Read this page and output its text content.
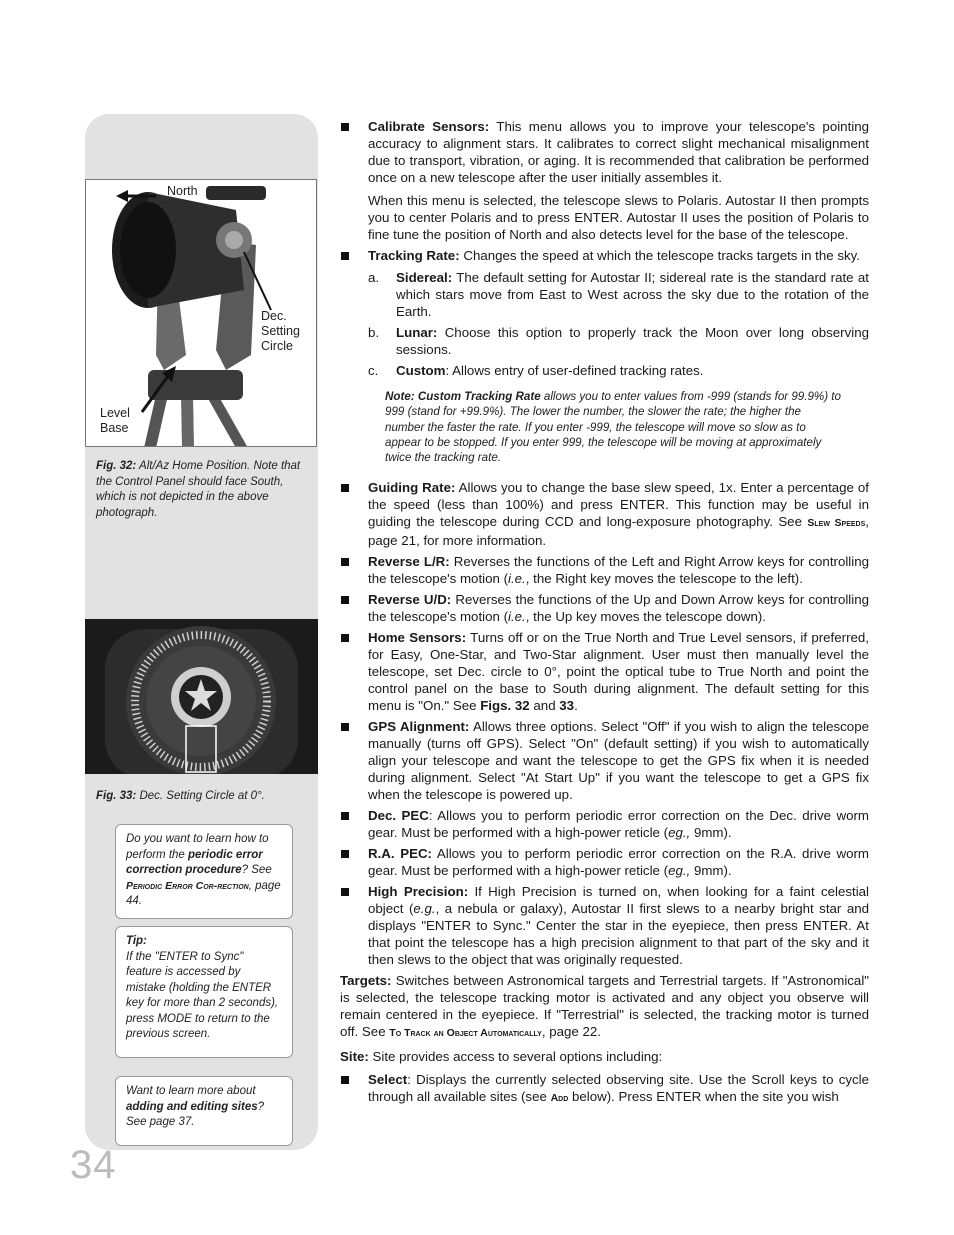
North
Dec.
Setting
Circle
Level
Base
Fig. 32: Alt/Az Home Position. Note that the Control Panel should face South, which is not depicted in the above photograph.
Fig. 33: Dec. Setting Circle at 0°.
Do you want to learn how to perform the periodic error correction procedure? See Periodic Error Cor-rection, page 44.
Tip:
If the "ENTER to Sync" feature is accessed by mistake (holding the ENTER key for more than 2 seconds), press MODE to return to the previous screen.
Want to learn more about adding and editing sites? See page 37.
34

Calibrate Sensors: This menu allows you to improve your telescope's pointing accuracy to alignment stars. It calibrates to correct slight mechanical misalignment due to transport, vibration, or aging. It is recommended that calibration be performed once on a new telescope after the user initially assembles it.

When this menu is selected, the telescope slews to Polaris. Autostar II then prompts you to center Polaris and to press ENTER. Autostar II uses the position of Polaris to fine tune the position of North and also detects level for the base of the telescope.

Tracking Rate: Changes the speed at which the telescope tracks targets in the sky.

a. Sidereal: The default setting for Autostar II; sidereal rate is the standard rate at which stars move from East to West across the sky due to the rotation of the Earth.
b. Lunar: Choose this option to properly track the Moon over long observing sessions.
c. Custom: Allows entry of user-defined tracking rates.
Note: Custom Tracking Rate allows you to enter values from -999 (stands for 99.9%) to 999 (stand for +99.9%). The lower the number, the slower the rate; the higher the number the faster the rate. If you enter -999, the telescope will move so slow as to appear to be stopped. If you enter 999, the telescope will be moving at approximately twice the tracking rate.

Guiding Rate: Allows you to change the base slew speed, 1x. Enter a percentage of the speed (less than 100%) and press ENTER. This function may be useful in guiding the telescope during CCD and long-exposure photography. See Slew Speeds, page 21, for more information.

Reverse L/R: Reverses the functions of the Left and Right Arrow keys for controlling the telescope's motion (i.e., the Right key moves the telescope to the left).

Reverse U/D: Reverses the functions of the Up and Down Arrow keys for controlling the telescope's motion (i.e., the Up key moves the telescope down).

Home Sensors: Turns off or on the True North and True Level sensors, if preferred, for Easy, One-Star, and Two-Star alignment. User must then manually level the telescope, set Dec. circle to 0°, point the optical tube to True North and point the control panel on the base to South during alignment. The default setting for this menu is "On." See Figs. 32 and 33.

GPS Alignment: Allows three options. Select "Off" if you wish to align the telescope manually (turns off GPS). Select "On" (default setting) if you wish to automatically align your telescope and want the telescope to get the GPS fix when it is needed during alignment. Select "At Start Up" if you want the telescope to get a GPS fix when the telescope is powered up.

Dec. PEC: Allows you to perform periodic error correction on the Dec. drive worm gear. Must be performed with a high-power reticle (eg., 9mm).

R.A. PEC: Allows you to perform periodic error correction on the R.A. drive worm gear. Must be performed with a high-power reticle (eg., 9mm).

High Precision: If High Precision is turned on, when looking for a faint celestial object (e.g., a nebula or galaxy), Autostar II first slews to a nearby bright star and displays "ENTER to Sync." Center the star in the eyepiece, then press ENTER. At that point the telescope has a high precision alignment to that part of the sky and it then slews to the object that was originally requested.

Targets: Switches between Astronomical targets and Terrestrial targets. If "Astronomical" is selected, the telescope tracking motor is activated and any object you observe will remain centered in the eyepiece. If "Terrestrial" is selected, the tracking motor is turned off. See To Track an Object Automatically, page 22.
Site: Site provides access to several options including:

Select: Displays the currently selected observing site. Use the Scroll keys to cycle through all available sites (see Add below). Press ENTER when the site you wish
